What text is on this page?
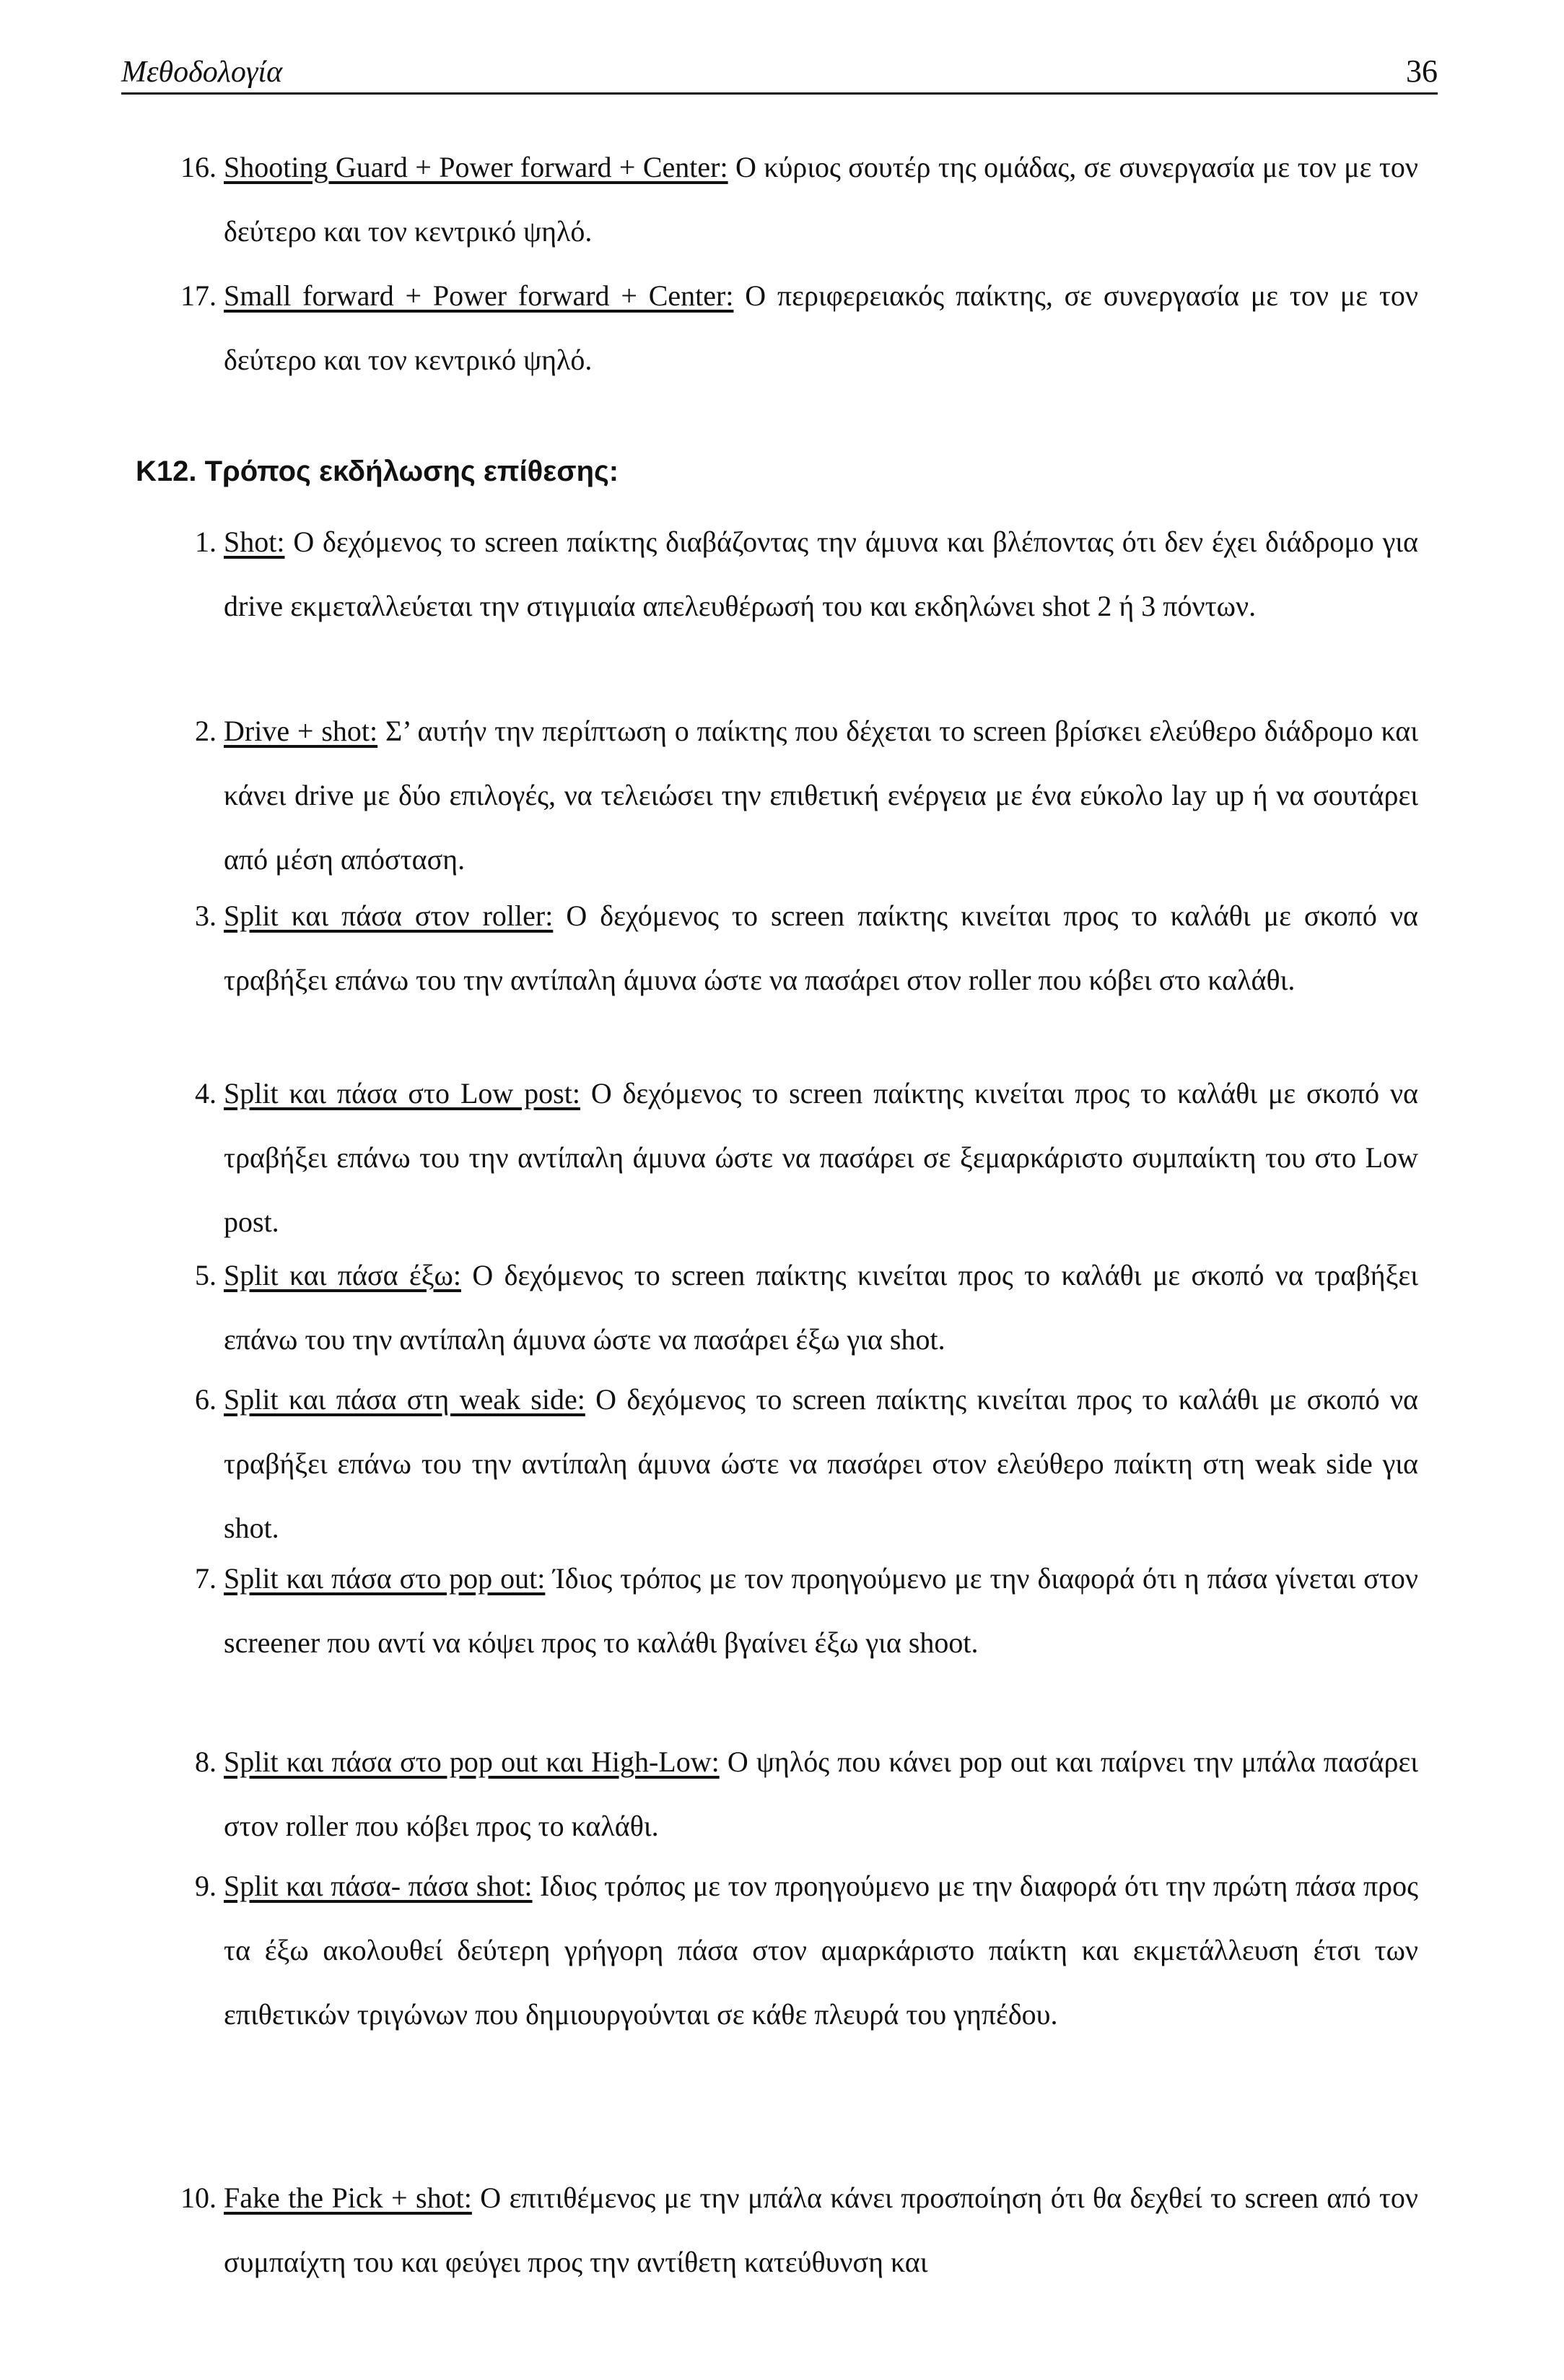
Μεθοδολογία	36
16. Shooting Guard + Power forward + Center: Ο κύριος σουτέρ της ομάδας, σε συνεργασία με τον με τον δεύτερο και τον κεντρικό ψηλό.
17. Small forward + Power forward + Center: Ο περιφερειακός παίκτης, σε συνεργασία με τον με τον δεύτερο και τον κεντρικό ψηλό.
K12. Τρόπος εκδήλωσης επίθεσης:
1. Shot: Ο δεχόμενος το screen παίκτης διαβάζοντας την άμυνα και βλέποντας ότι δεν έχει διάδρομο για drive εκμεταλλεύεται την στιγμιαία απελευθέρωσή του και εκδηλώνει shot 2 ή 3 πόντων.
2. Drive + shot: Σ’ αυτήν την περίπτωση ο παίκτης που δέχεται το screen βρίσκει ελεύθερο διάδρομο και κάνει drive με δύο επιλογές, να τελειώσει την επιθετική ενέργεια με ένα εύκολο lay up ή να σουτάρει από μέση απόσταση.
3. Split και πάσα στον roller: Ο δεχόμενος το screen παίκτης κινείται προς το καλάθι με σκοπό να τραβήξει επάνω του την αντίπαλη άμυνα ώστε να πασάρει στον roller που κόβει στο καλάθι.
4. Split και πάσα στο Low post: Ο δεχόμενος το screen παίκτης κινείται προς το καλάθι με σκοπό να τραβήξει επάνω του την αντίπαλη άμυνα ώστε να πασάρει σε ξεμαρκάριστο συμπαίκτη του στο Low post.
5. Split και πάσα έξω: Ο δεχόμενος το screen παίκτης κινείται προς το καλάθι με σκοπό να τραβήξει επάνω του την αντίπαλη άμυνα ώστε να πασάρει έξω για shot.
6. Split και πάσα στη weak side: Ο δεχόμενος το screen παίκτης κινείται προς το καλάθι με σκοπό να τραβήξει επάνω του την αντίπαλη άμυνα ώστε να πασάρει στον ελεύθερο παίκτη στη weak side για shot.
7. Split και πάσα στο pop out: Ίδιος τρόπος με τον προηγούμενο με την διαφορά ότι η πάσα γίνεται στον screener που αντί να κόψει προς το καλάθι βγαίνει έξω για shoot.
8. Split και πάσα στο pop out και High-Low: Ο ψηλός που κάνει pop out και παίρνει την μπάλα πασάρει στον roller που κόβει προς το καλάθι.
9. Split και πάσα- πάσα shot: Ιδιος τρόπος με τον προηγούμενο με την διαφορά ότι την πρώτη πάσα προς τα έξω ακολουθεί δεύτερη γρήγορη πάσα στον αμαρκάριστο παίκτη και εκμετάλλευση έτσι των επιθετικών τριγώνων που δημιουργούνται σε κάθε πλευρά του γηπέδου.
10. Fake the Pick + shot: Ο επιτιθέμενος με την μπάλα κάνει προσποίηση ότι θα δεχθεί το screen από τον συμπαίχτη του και φεύγει προς την αντίθετη κατεύθυνση και
